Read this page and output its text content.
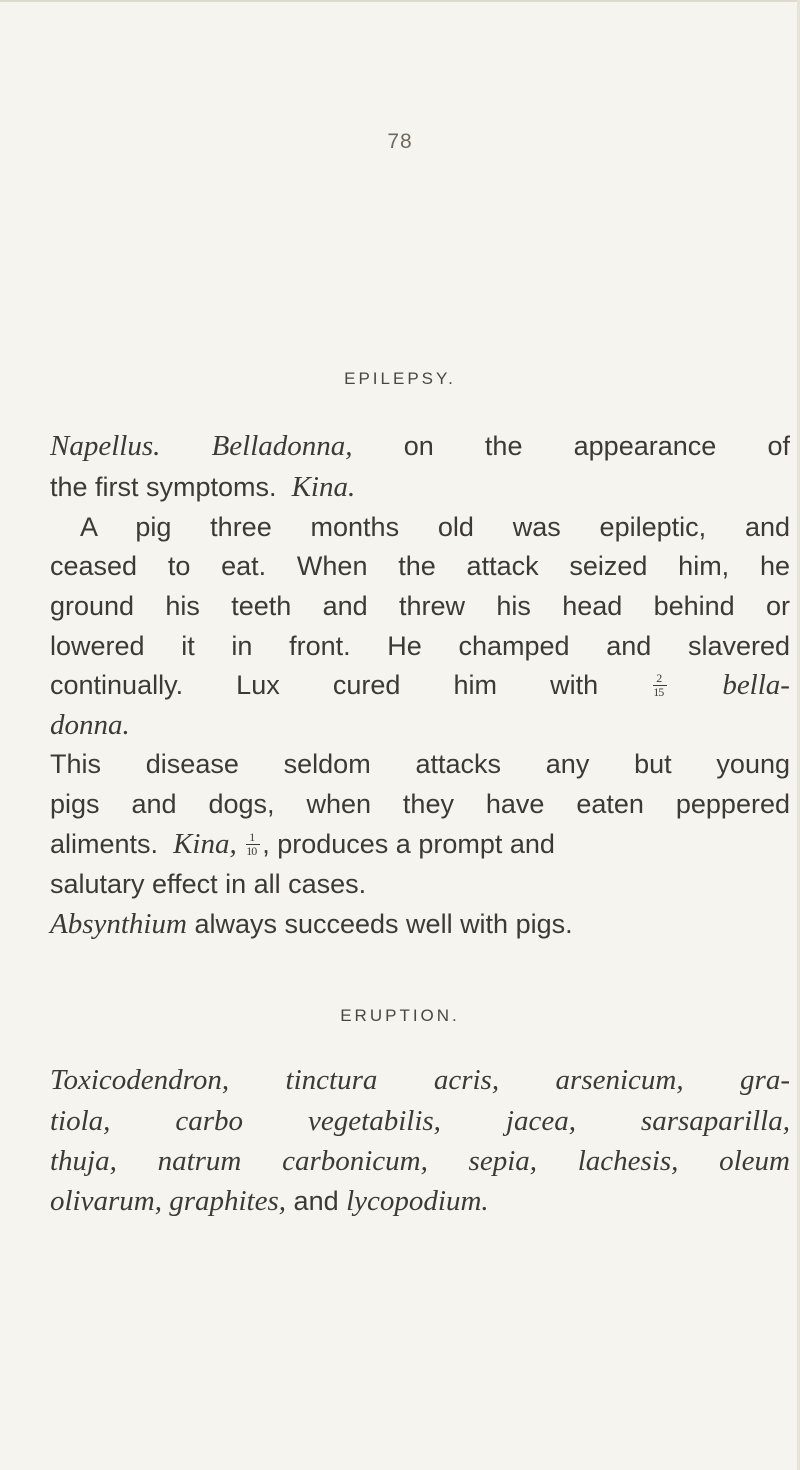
78
EPILEPSY.
Napellus. Belladonna, on the appearance of
the first symptoms. Kina.
A pig three months old was epileptic, and
ceased to eat. When the attack seized him, he
ground his teeth and threw his head behind or
lowered it in front. He champed and slavered
continually. Lux cured him with	$\frac{2}{15}$ bella-
donna.
This disease seldom attacks any but young
pigs and dogs, when they have eaten peppered
aliments. Kina, $\frac{1}{10}$ , produces a prompt and
salutary effect in all cases.
Absynthium always succeeds well with pigs.
ERUPTION.
Toxicodendron, tinctura acris, arsenicum, gra-
tiola, carbo vegetabilis, jacea, sarsaparilla,
thuja, natrum carbonicum, sepia, lachesis, oleum
olivarum, graphites, and lycopodium.
